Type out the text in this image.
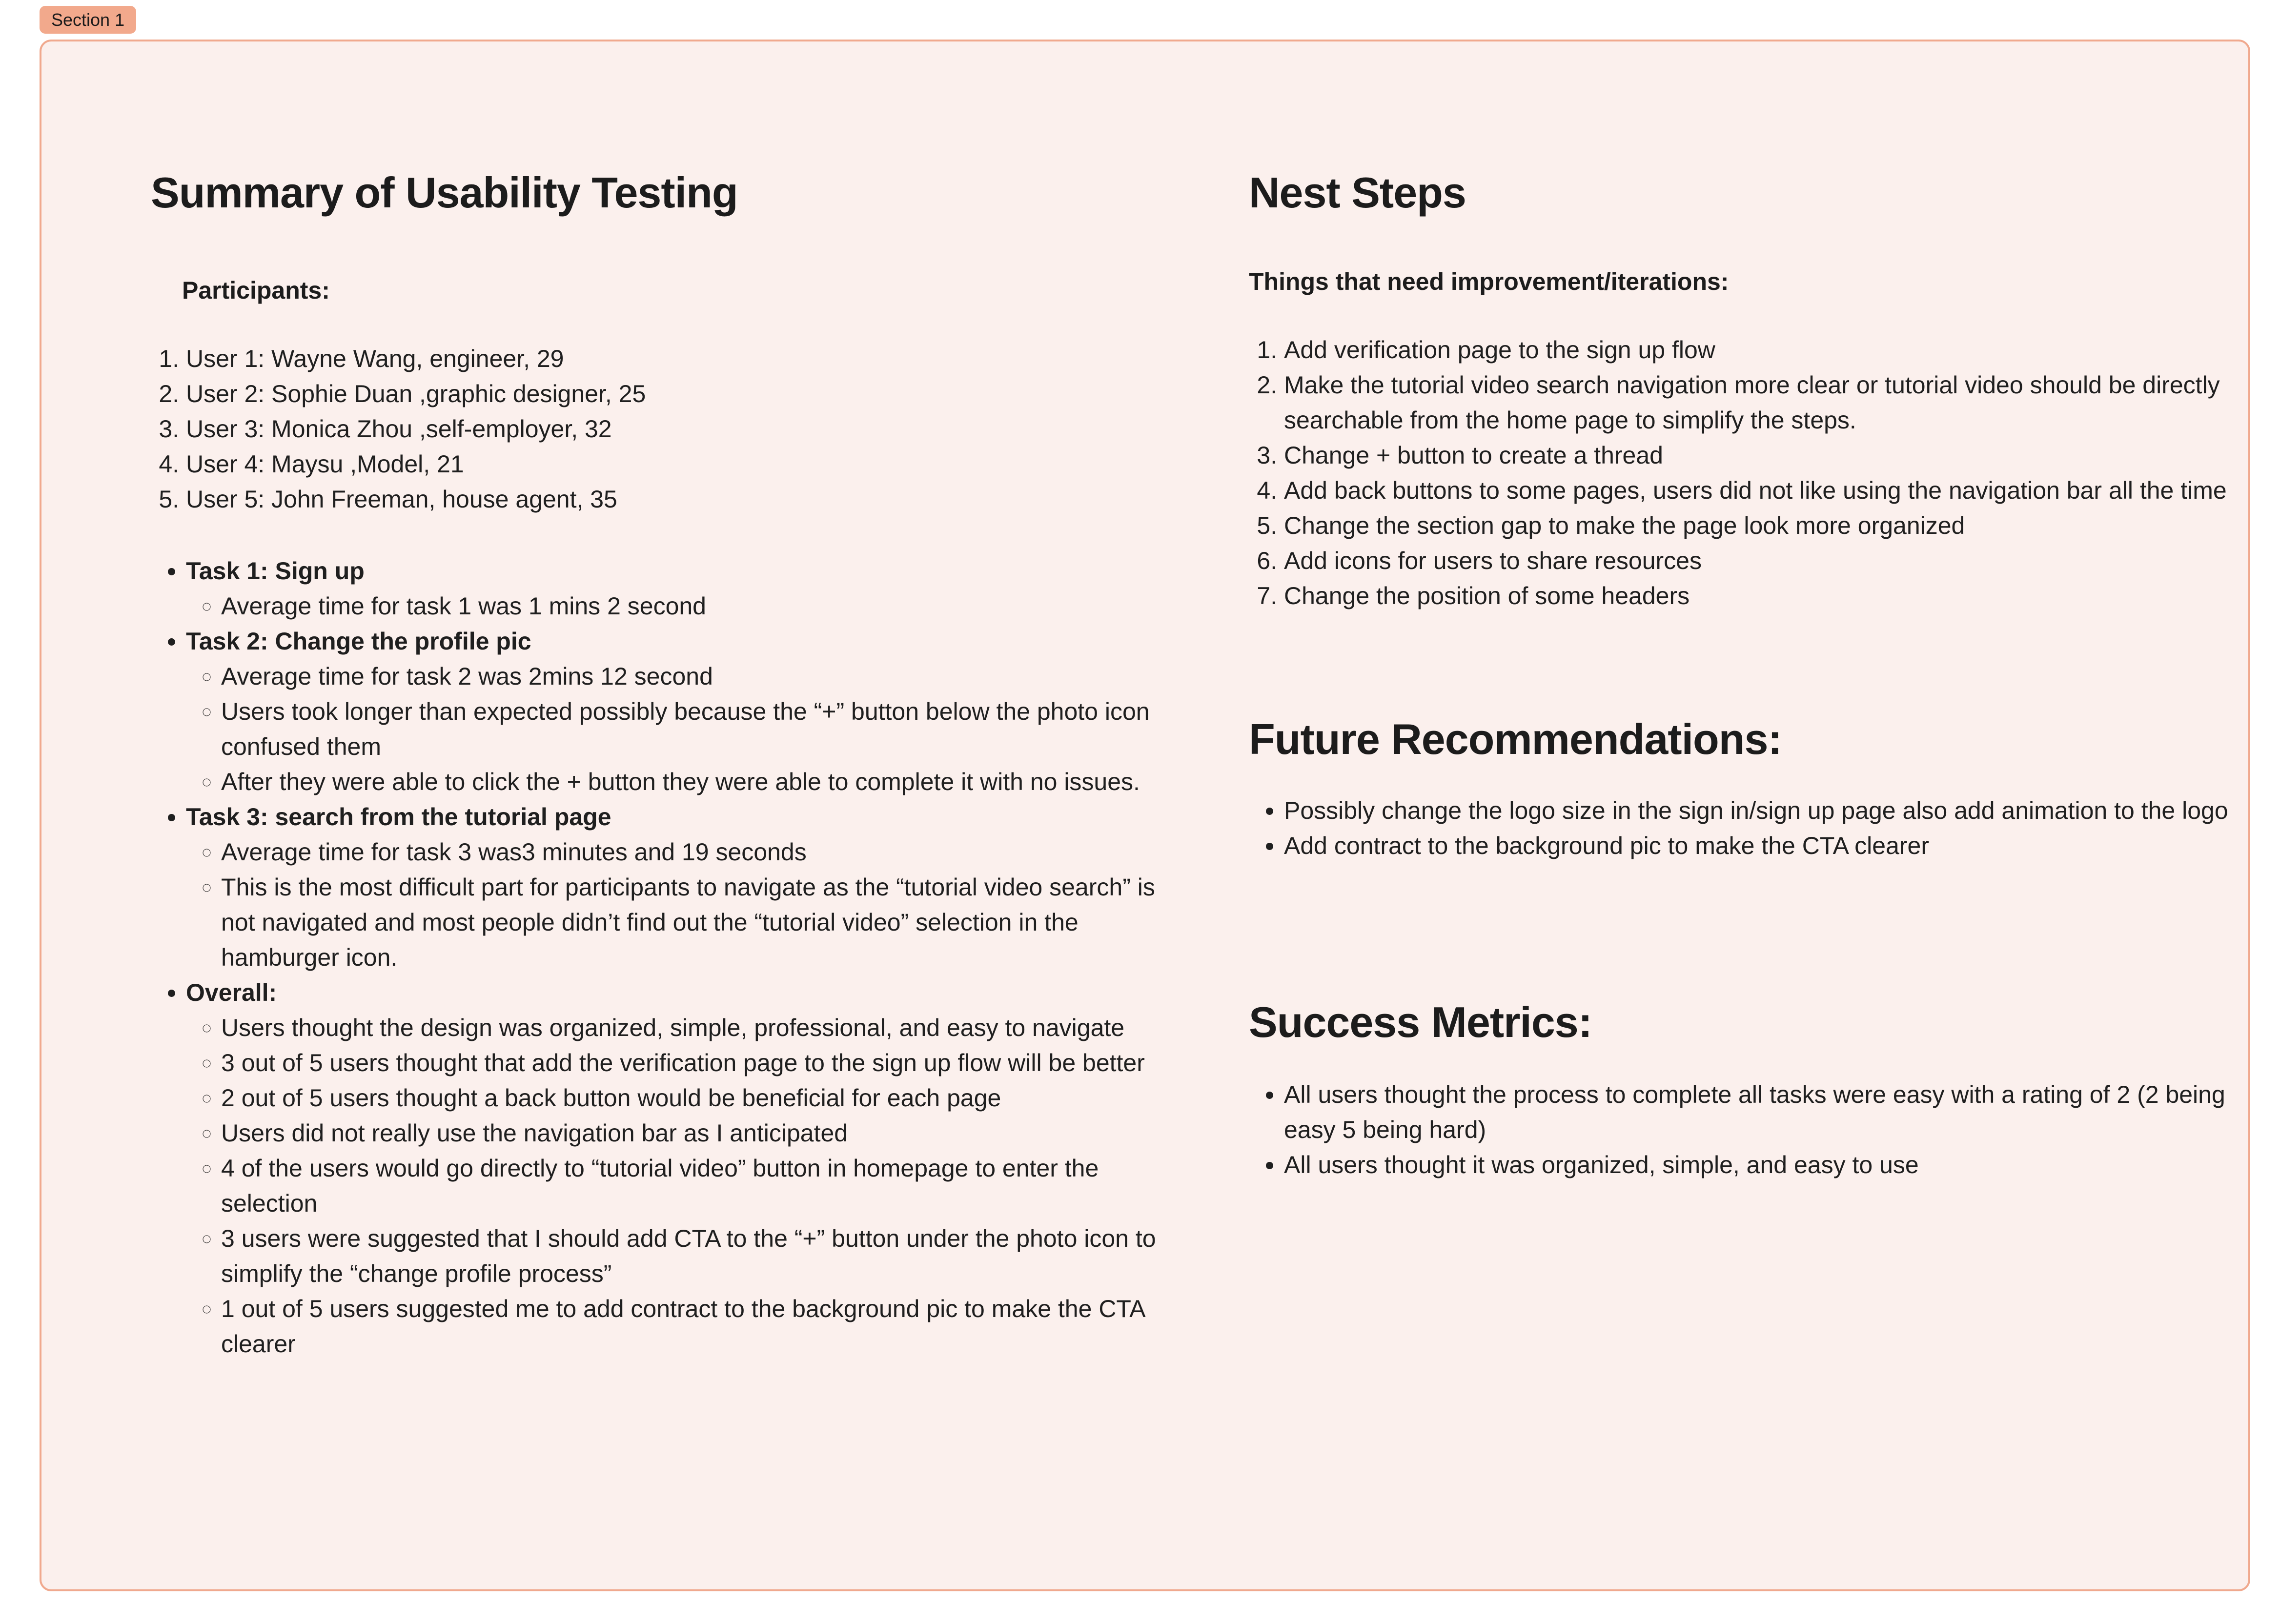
Section 1
Summary of Usability Testing
Participants:
1. User 1: Wayne Wang, engineer, 29
2. User 2: Sophie Duan ,graphic designer, 25
3. User 3: Monica Zhou ,self-employer, 32
4. User 4: Maysu ,Model, 21
5. User 5: John Freeman, house agent, 35
• Task 1: Sign up
◦ Average time for task 1 was 1 mins 2 second
• Task 2: Change the profile pic
◦ Average time for task 2 was 2mins 12 second
◦ Users took longer than expected possibly because the “+” button below the photo icon confused them
◦ After they were able to click the + button they were able to complete it with no issues.
• Task 3: search from the tutorial page
◦ Average time for task 3 was3 minutes and 19 seconds
◦ This is the most difficult part for participants to navigate as the “tutorial video search” is not navigated and most people didn’t find out the “tutorial video” selection in the hamburger icon.
• Overall:
◦ Users thought the design was organized, simple, professional, and easy to navigate
◦ 3 out of 5 users thought that add the verification page to the sign up flow will be better
◦ 2 out of 5 users thought a back button would be beneficial for each page
◦ Users did not really use the navigation bar as I anticipated
◦ 4 of the users would go directly to “tutorial video” button in homepage to enter the selection
◦ 3 users were suggested that I should add CTA to the “+” button under the photo icon to simplify the “change profile process”
◦ 1 out of 5 users suggested me to add contract to the background pic to make the CTA clearer
Nest Steps
Things that need improvement/iterations:
1. Add verification page to the sign up flow
2. Make the tutorial video search navigation more clear or tutorial video should be directly searchable from the home page to simplify the steps.
3. Change + button to create a thread
4. Add back buttons to some pages, users did not like using the navigation bar all the time
5. Change the section gap to make the page look more organized
6. Add icons for users to share resources
7. Change the position of some headers
Future Recommendations:
• Possibly change the logo size in the sign in/sign up page also add animation to the logo
• Add contract to the background pic to make the CTA clearer
Success Metrics:
• All users thought the process to complete all tasks were easy with a rating of 2 (2 being easy 5 being hard)
• All users thought it was organized, simple, and easy to use
